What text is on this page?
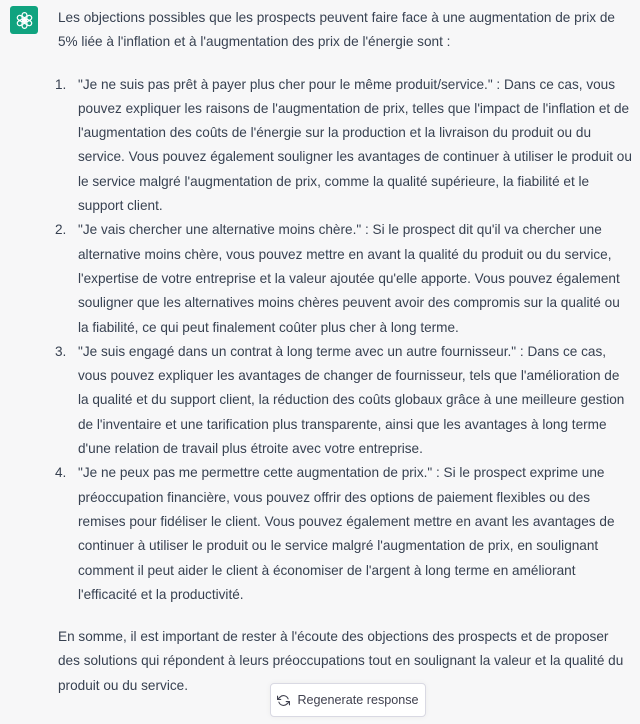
Les objections possibles que les prospects peuvent faire face à une augmentation de prix de 5% liée à l'inflation et à l'augmentation des prix de l'énergie sont :

1. "Je ne suis pas prêt à payer plus cher pour le même produit/service." : Dans ce cas, vous pouvez expliquer les raisons de l'augmentation de prix, telles que l'impact de l'inflation et de l'augmentation des coûts de l'énergie sur la production et la livraison du produit ou du service. Vous pouvez également souligner les avantages de continuer à utiliser le produit ou le service malgré l'augmentation de prix, comme la qualité supérieure, la fiabilité et le support client.
2. "Je vais chercher une alternative moins chère." : Si le prospect dit qu'il va chercher une alternative moins chère, vous pouvez mettre en avant la qualité du produit ou du service, l'expertise de votre entreprise et la valeur ajoutée qu'elle apporte. Vous pouvez également souligner que les alternatives moins chères peuvent avoir des compromis sur la qualité ou la fiabilité, ce qui peut finalement coûter plus cher à long terme.
3. "Je suis engagé dans un contrat à long terme avec un autre fournisseur." : Dans ce cas, vous pouvez expliquer les avantages de changer de fournisseur, tels que l'amélioration de la qualité et du support client, la réduction des coûts globaux grâce à une meilleure gestion de l'inventaire et une tarification plus transparente, ainsi que les avantages à long terme d'une relation de travail plus étroite avec votre entreprise.
4. "Je ne peux pas me permettre cette augmentation de prix." : Si le prospect exprime une préoccupation financière, vous pouvez offrir des options de paiement flexibles ou des remises pour fidéliser le client. Vous pouvez également mettre en avant les avantages de continuer à utiliser le produit ou le service malgré l'augmentation de prix, en soulignant comment il peut aider le client à économiser de l'argent à long terme en améliorant l'efficacité et la productivité.

En somme, il est important de rester à l'écoute des objections des prospects et de proposer des solutions qui répondent à leurs préoccupations tout en soulignant la valeur et la qualité du produit ou du service.

Regenerate response
